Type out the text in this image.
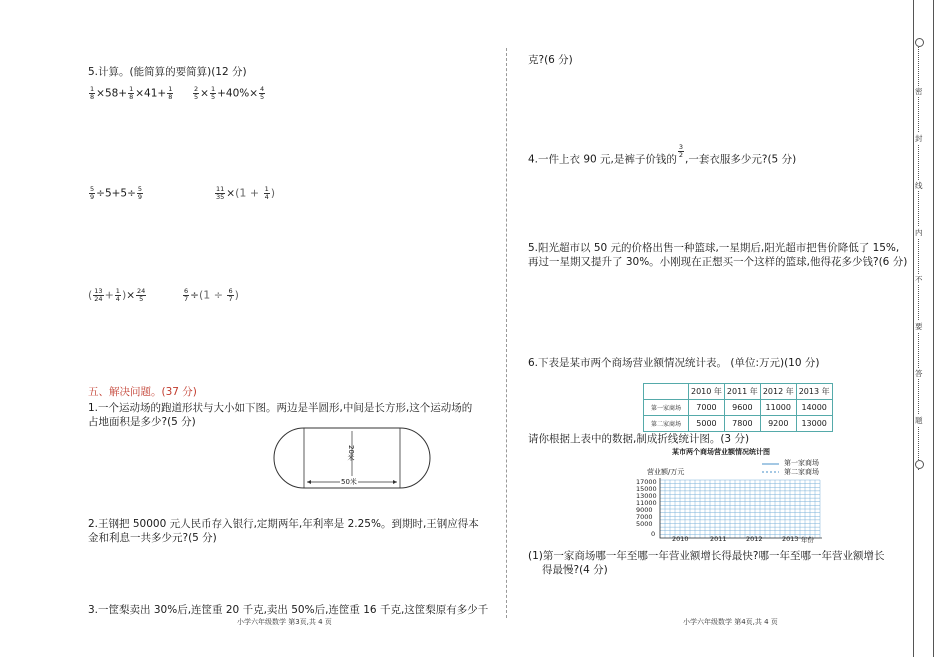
5.计算。(能简算的要简算)(12 分)
$\frac{1}{8} \times 58+ \frac{1}{8} \times 41+ \frac{1}{8}$	$\frac{2}{5} \times \frac{1}{5} +40\%\times \frac{4}{5}$
$\frac{5}{9} \div 5+5\div \frac{5}{9}$	$\frac{11}{35} \times(1 + \frac{1}{4}$ )
( $\frac{13}{24} + \frac{1}{4}$ )× $\frac{24}{5}$	$\frac{6}{7} \div(1 \div \frac{6}{7}$ )
五、解决问题。(37 分)
1.一个运动场的跑道形状与大小如下图。两边是半圆形,中间是长方形,这个运动场的
占地面积是多少?(5 分)
20米
50米
2.王钢把 50000 元人民币存入银行,定期两年,年利率是 2.25%。到期时,王钢应得本
金和利息一共多少元?(5 分)
3.一筐梨卖出 30%后,连筐重 20 千克,卖出 50%后,连筐重 16 千克,这筐梨原有多少千
小学六年级数学 第3页,共 4 页
克?(6 分)
4.一件上衣 90 元,是裤子价钱的
$\frac{3}{2}$
,一套衣服多少元?(5 分)
5.阳光超市以 50 元的价格出售一种篮球,一星期后,阳光超市把售价降低了 15%,
再过一星期又提升了 30%。小刚现在正想买一个这样的篮球,他得花多少钱?(6 分)
6.下表是某市两个商场营业额情况统计表。 (单位:万元)(10 分)
	2010 年	2011 年	2012 年	2013 年
第一家商场	7000	9600	11000	14000
第二家商场	5000	7800	9200	13000
请你根据上表中的数据,制成折线统计图。(3 分)
某市两个商场营业额情况统计图
营业额/万元
第一家商场
第二家商场
17000
15000
13000
11000
9000
7000
5000
0
2010	2011	2012	2013 年份
(1)第一家商场哪一年至哪一年营业额增长得最快?哪一年至哪一年营业额增长
得最慢?(4 分)
小学六年级数学 第4页,共 4 页
密
封
线
内
不
要
答
题
